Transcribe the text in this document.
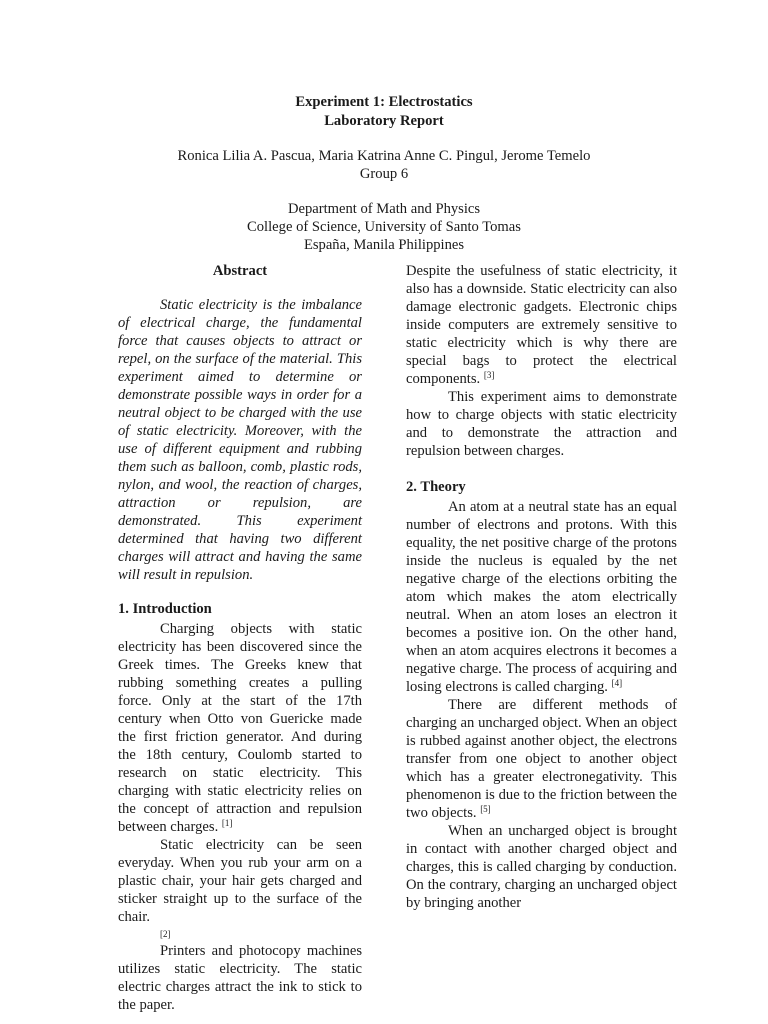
Experiment 1: Electrostatics
Laboratory Report
Ronica Lilia A. Pascua, Maria Katrina Anne C. Pingul, Jerome Temelo
Group 6
Department of Math and Physics
College of Science, University of Santo Tomas
España, Manila Philippines

Abstract

Static electricity is the imbalance of electrical charge, the fundamental force that causes objects to attract or repel, on the surface of the material. This experiment aimed to determine or demonstrate possible ways in order for a neutral object to be charged with the use of static electricity. Moreover, with the use of different equipment and rubbing them such as balloon, comb, plastic rods, nylon, and wool, the reaction of charges, attraction or repulsion, are demonstrated. This experiment determined that having two different charges will attract and having the same will result in repulsion.

1. Introduction

Charging objects with static electricity has been discovered since the Greek times. The Greeks knew that rubbing something creates a pulling force. Only at the start of the 17th century when Otto von Guericke made the first friction generator. And during the 18th century, Coulomb started to research on static electricity. This charging with static electricity relies on the concept of attraction and repulsion between charges. [1]

Static electricity can be seen everyday. When you rub your arm on a plastic chair, your hair gets charged and sticker straight up to the surface of the chair.
[2]

Printers and photocopy machines utilizes static electricity. The static electric charges attract the ink to stick to the paper.

Despite the usefulness of static electricity, it also has a downside. Static electricity can also damage electronic gadgets. Electronic chips inside computers are extremely sensitive to static electricity which is why there are special bags to protect the electrical components. [3]

This experiment aims to demonstrate how to charge objects with static electricity and to demonstrate the attraction and repulsion between charges.

2. Theory

An atom at a neutral state has an equal number of electrons and protons. With this equality, the net positive charge of the protons inside the nucleus is equaled by the net negative charge of the elections orbiting the atom which makes the atom electrically neutral. When an atom loses an electron it becomes a positive ion. On the other hand, when an atom acquires electrons it becomes a negative charge. The process of acquiring and losing electrons is called charging. [4]

There are different methods of charging an uncharged object. When an object is rubbed against another object, the electrons transfer from one object to another object which has a greater electronegativity. This phenomenon is due to the friction between the two objects. [5]

When an uncharged object is brought in contact with another charged object and charges, this is called charging by conduction. On the contrary, charging an uncharged object by bringing another
